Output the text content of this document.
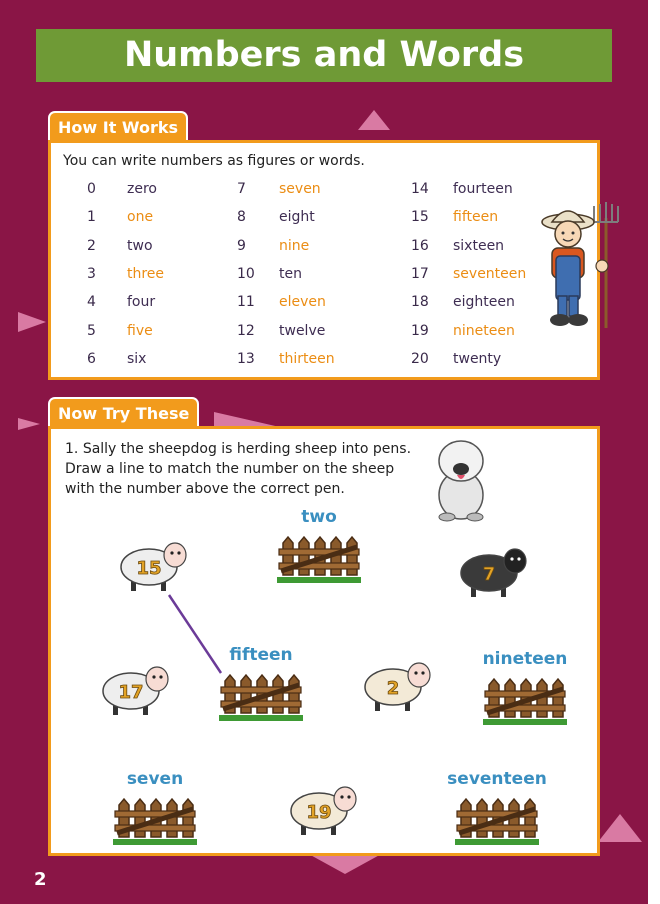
Numbers and Words
How It Works
You can write numbers as figures or words.
0 zero
1 one
2 two
3 three
4 four
5 five
6 six
7 seven
8 eight
9 nine
10 ten
11 eleven
12 twelve
13 thirteen
14 fourteen
15 fifteen
16 sixteen
17 seventeen
18 eighteen
19 nineteen
20 twenty
Now Try These
1. Sally the sheepdog is herding sheep into pens. Draw a line to match the number on the sheep with the number above the correct pen.
two
fifteen	nineteen
seven	seventeen
15	7
17	2
19
2
